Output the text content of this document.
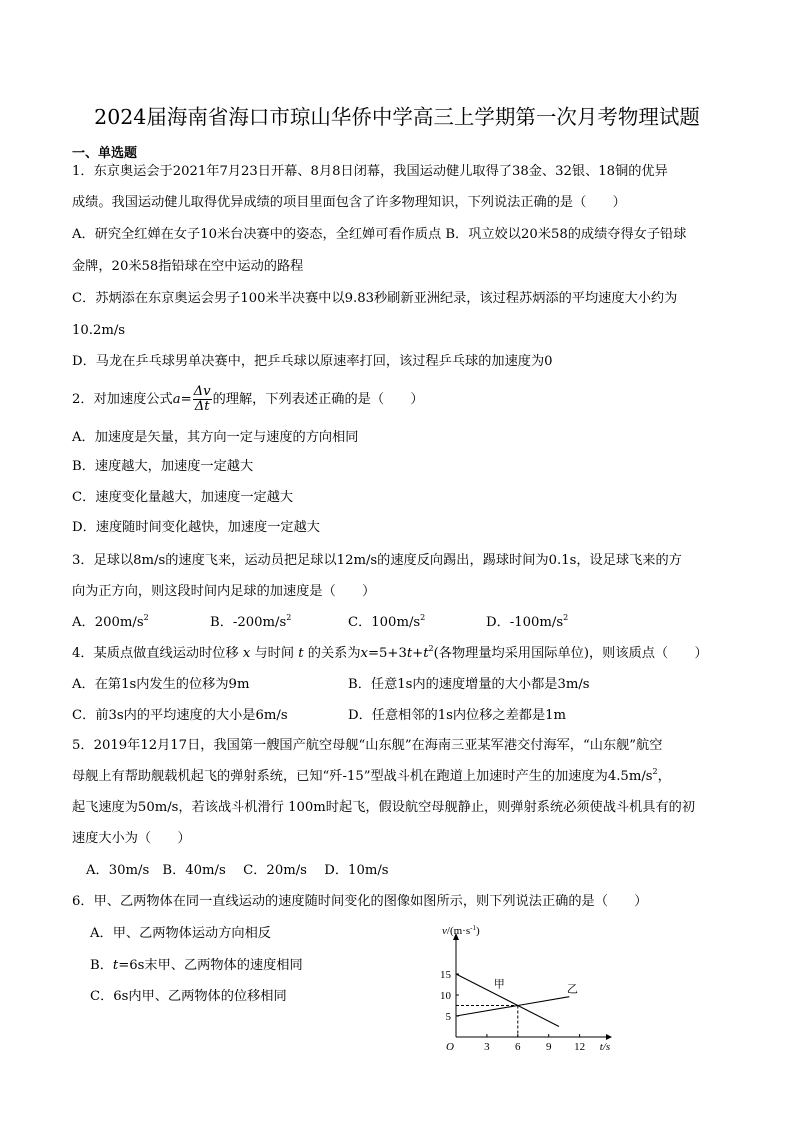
2024届海南省海口市琼山华侨中学高三上学期第一次月考物理试题
一、单选题
1．东京奥运会于2021年7月23日开幕、8月8日闭幕，我国运动健儿取得了38金、32银、18铜的优异
成绩。我国运动健儿取得优异成绩的项目里面包含了许多物理知识，下列说法正确的是（　　）
A．研究全红婵在女子10米台决赛中的姿态，全红婵可看作质点 B．巩立姣以20米58的成绩夺得女子铅球
金牌，20米58指铅球在空中运动的路程
C．苏炳添在东京奥运会男子100米半决赛中以9.83秒刷新亚洲纪录，该过程苏炳添的平均速度大小约为
10.2m/s
D．马龙在乒乓球男单决赛中，把乒乓球以原速率打回，该过程乒乓球的加速度为0
2．对加速度公式$a= \frac{\Delta v}{\Delta t}$ 的理解，下列表述正确的是（　　）
A．加速度是矢量，其方向一定与速度的方向相同
B．速度越大，加速度一定越大
C．速度变化量越大，加速度一定越大
D．速度随时间变化越快，加速度一定越大
3．足球以8m/s的速度飞来，运动员把足球以12m/s的速度反向踢出，踢球时间为0.1s，设足球飞来的方
向为正方向，则这段时间内足球的加速度是（　　）
A．$200m/s^2$	B．$-200m/s^2$	C．$100m/s^2$	D．$-100m/s^2$
4．某质点做直线运动时位移 x 与时间 t 的关系为$x=5+3t+t^2$(各物理量均采用国际单位)，则该质点（　　）
A．在第1s内发生的位移为9m	B．任意1s内的速度增量的大小都是3m/s
C．前3s内的平均速度的大小是6m/s	D．任意相邻的1s内位移之差都是1m
5．2019年12月17日，我国第一艘国产航空母舰“山东舰”在海南三亚某军港交付海军，“山东舰”航空
母舰上有帮助舰载机起飞的弹射系统，已知“歼-15”型战斗机在跑道上加速时产生的加速度为$4.5m/s^2$，
起飞速度为50m/s，若该战斗机滑行 100m时起飞，假设航空母舰静止，则弹射系统必须使战斗机具有的初
速度大小为（　　）
A．30m/s　B．40m/s　 C．20m/s　 D．10m/s
6．甲、乙两物体在同一直线运动的速度随时间变化的图像如图所示，则下列说法正确的是（　　）
A．甲、乙两物体运动方向相反
B．t=6s末甲、乙两物体的速度相同
C．6s内甲、乙两物体的位移相同
3 6 9 12
5
10
15
甲	乙
O
$v/(m\cdot s^{-1})$
t/s
